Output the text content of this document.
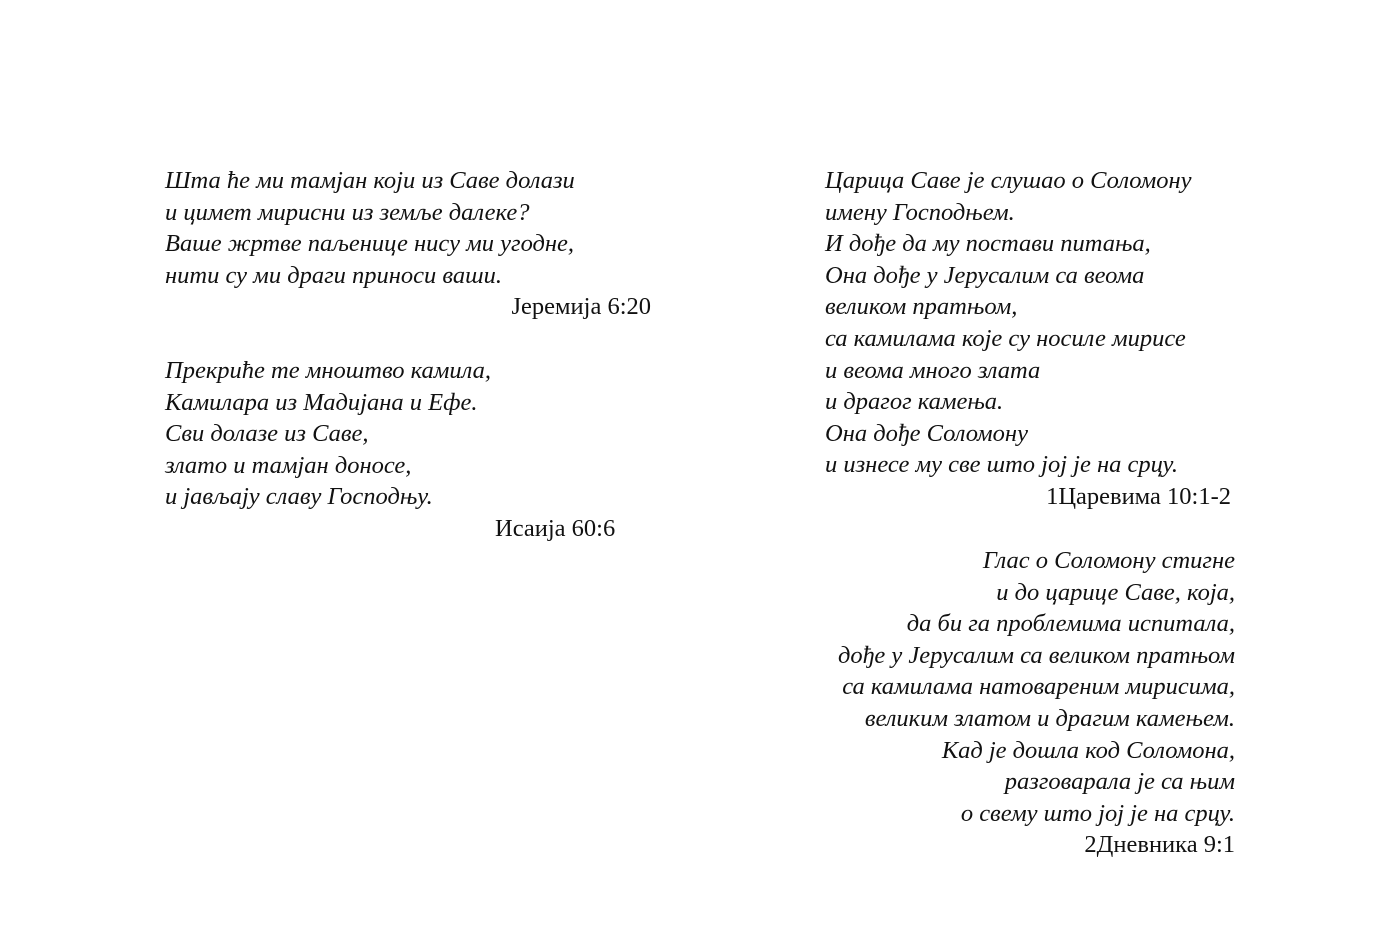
Шта ће ми тамјан који из Саве долази
и цимет мирисни из земље далеке?
Ваше жртве паљенице нису ми угодне,
нити су ми драги приноси ваши.
Јеремија 6:20
Прекриће те мноштво камила,
Камилара из Мадијана и Ефе.
Сви долазе из Саве,
злато и тамјан доносе,
и јављају славу Господњу.
Исаија 60:6
Царица Саве је слушао о Соломону
имену Господњем.
И дође да му постави питања,
Она дође у Јерусалим са веома
великом пратњом,
са камилама које су носиле мирисе
и веома много злата
и драгог камења.
Она дође Соломону
и изнесе му све што јој је на срцу.
1Царевима 10:1-2
Глас о Соломону стигне
и до царице Саве, која,
да би га проблемима испитала,
дође у Јерусалим са великом пратњом
са камилама натовареним мирисима,
великим златом и драгим камењем.
Кад је дошла код Соломона,
разговарала је са њим
о свему што јој је на срцу.
2Дневника 9:1
